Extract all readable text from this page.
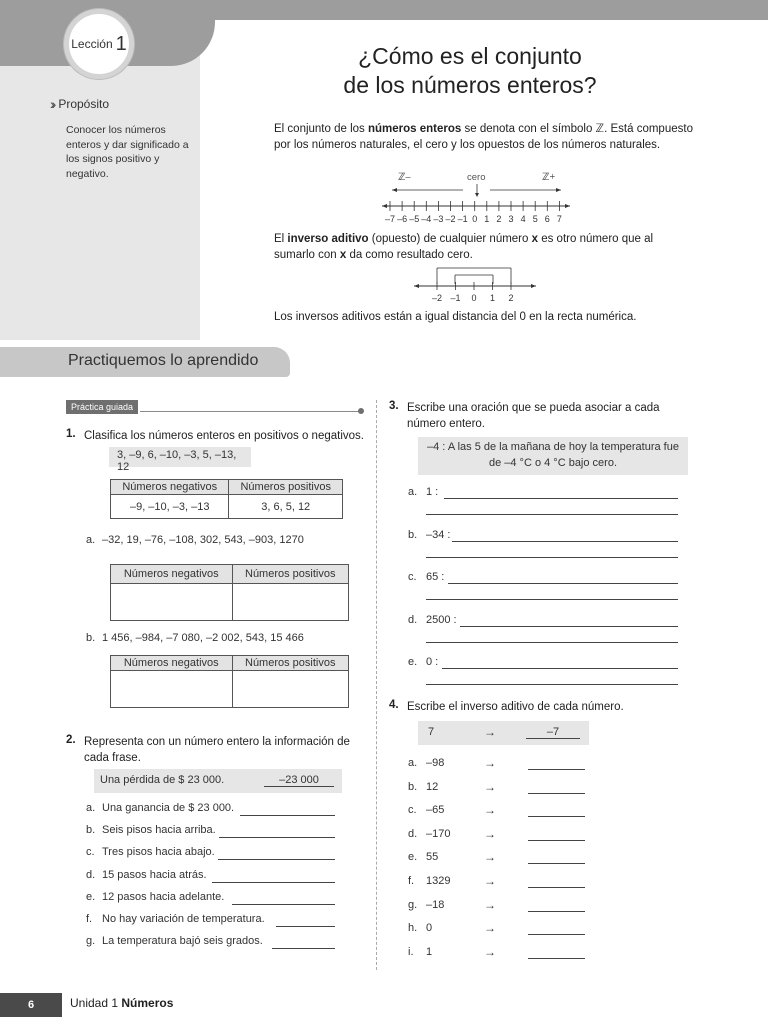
Lección 1
›› Propósito
Conocer los números enteros y dar significado a los signos positivo y negativo.
¿Cómo es el conjunto
de los números enteros?
El conjunto de los números enteros se denota con el símbolo ℤ. Está compuesto por los números naturales, el cero y los opuestos de los números naturales.
ℤ–	cero	ℤ+
–7 –6 –5 –4 –3 –2 –1 0 1 2 3 4 5 6 7
El inverso aditivo (opuesto) de cualquier número x es otro número que al sumarlo con x da como resultado cero.
–2 –1 0 1 2
Los inversos aditivos están a igual distancia del 0 en la recta numérica.
Practiquemos lo aprendido
Práctica guiada
1. Clasifica los números enteros en positivos o negativos.
3, –9, 6, –10, –3, 5, –13, 12
Números negativos	Números positivos
–9, –10, –3, –13	3, 6, 5, 12
a. –32, 19, –76, –108, 302, 543, –903, 1270
Números negativos	Números positivos

b. 1 456, –984, –7 080, –2 002, 543, 15 466
Números negativos	Números positivos

2. Representa con un número entero la información de cada frase.
Una pérdida de $ 23 000.	–23 000
a. Una ganancia de $ 23 000.
b. Seis pisos hacia arriba.
c. Tres pisos hacia abajo.
d. 15 pasos hacia atrás.
e. 12 pasos hacia adelante.
f. No hay variación de temperatura.
g. La temperatura bajó seis grados.
3. Escribe una oración que se pueda asociar a cada número entero.
–4 : A las 5 de la mañana de hoy la temperatura fue de –4 °C o 4 °C bajo cero.
a. 1 :
b. –34 :
c. 65 :
d. 2500 :
e. 0 :
4. Escribe el inverso aditivo de cada número.
7	→	–7
a. –98	→
b. 12	→
c. –65	→
d. –170	→
e. 55	→
f. 1329	→
g. –18	→
h. 0	→
i. 1	→
6	Unidad 1 Números
